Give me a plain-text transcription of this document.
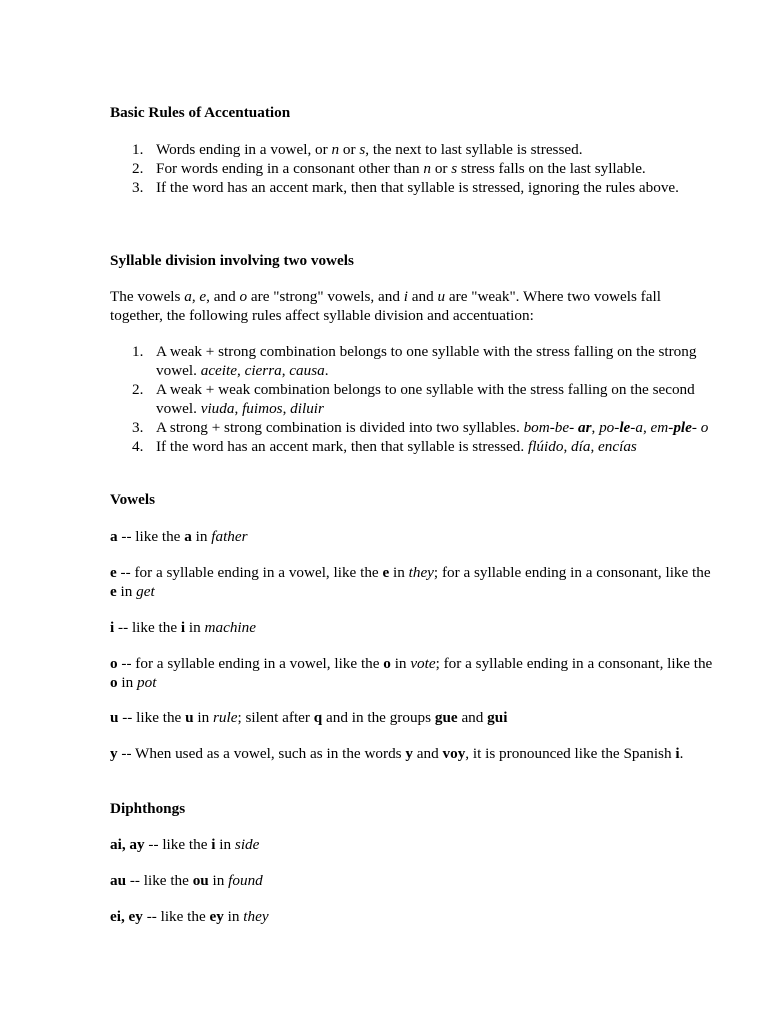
Basic Rules of Accentuation
1. Words ending in a vowel, or n or s, the next to last syllable is stressed.
2. For words ending in a consonant other than n or s stress falls on the last syllable.
3. If the word has an accent mark, then that syllable is stressed, ignoring the rules above.
Syllable division involving two vowels

The vowels a, e, and o are "strong" vowels, and i and u are "weak". Where two vowels fall together, the following rules affect syllable division and accentuation:

1. A weak + strong combination belongs to one syllable with the stress falling on the strong vowel. aceite, cierra, causa.
2. A weak + weak combination belongs to one syllable with the stress falling on the second vowel. viuda, fuimos, diluir
3. A strong + strong combination is divided into two syllables. bom-be- ar, po-le-a, em-ple- o
4. If the word has an accent mark, then that syllable is stressed. flúido, día, encías
Vowels

a -- like the a in father

e -- for a syllable ending in a vowel, like the e in they; for a syllable ending in a consonant, like the e in get

i -- like the i in machine

o -- for a syllable ending in a vowel, like the o in vote; for a syllable ending in a consonant, like the o in pot

u -- like the u in rule; silent after q and in the groups gue and gui

y -- When used as a vowel, such as in the words y and voy, it is pronounced like the Spanish i.

Diphthongs

ai, ay -- like the i in side

au -- like the ou in found

ei, ey -- like the ey in they
